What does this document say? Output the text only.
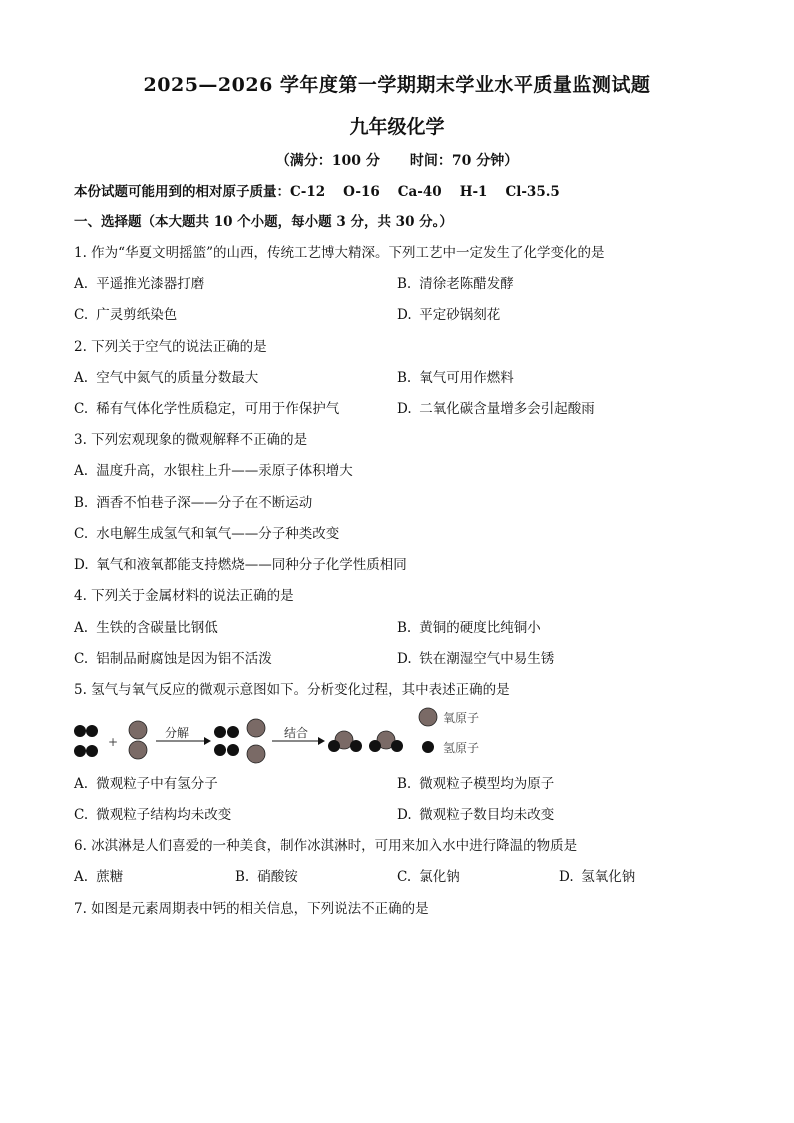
2025—2026 学年度第一学期期末学业水平质量监测试题
九年级化学
（满分：100 分 时间：70 分钟）
本份试题可能用到的相对原子质量：C-12 O-16 Ca-40 H-1 Cl-35.5
一、选择题（本大题共 10 个小题，每小题 3 分，共 30 分。）
1. 作为“华夏文明摇篮”的山西，传统工艺博大精深。下列工艺中一定发生了化学变化的是
A. 平遥推光漆器打磨	B. 清徐老陈醋发酵
C. 广灵剪纸染色	D. 平定砂锅刻花
2. 下列关于空气的说法正确的是
A. 空气中氮气的质量分数最大	B. 氧气可用作燃料
C. 稀有气体化学性质稳定，可用于作保护气	D. 二氧化碳含量增多会引起酸雨
3. 下列宏观现象的微观解释不正确的是
A. 温度升高，水银柱上升——汞原子体积增大
B. 酒香不怕巷子深——分子在不断运动
C. 水电解生成氢气和氧气——分子种类改变
D. 氧气和液氧都能支持燃烧——同种分子化学性质相同
4. 下列关于金属材料的说法正确的是
A. 生铁的含碳量比钢低	B. 黄铜的硬度比纯铜小
C. 铝制品耐腐蚀是因为铝不活泼	D. 铁在潮湿空气中易生锈
5. 氢气与氧气反应的微观示意图如下。分析变化过程，其中表述正确的是
+
分解	结合
氧原子
氢原子
A. 微观粒子中有氢分子	B. 微观粒子模型均为原子
C. 微观粒子结构均未改变	D. 微观粒子数目均未改变
6. 冰淇淋是人们喜爱的一种美食，制作冰淇淋时，可用来加入水中进行降温的物质是
A. 蔗糖	B. 硝酸铵	C. 氯化钠	D. 氢氧化钠
7. 如图是元素周期表中钙的相关信息，下列说法不正确的是
